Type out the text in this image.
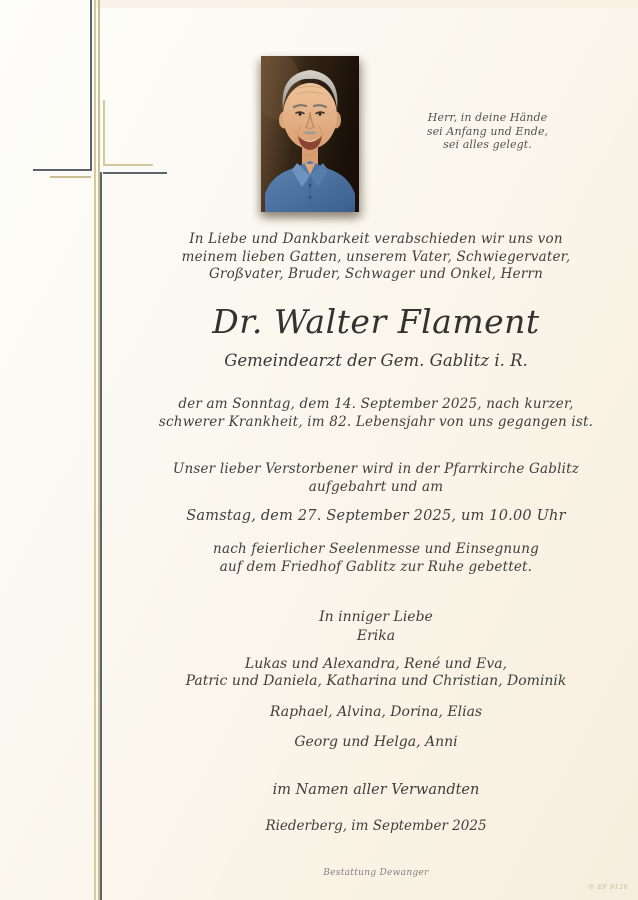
Herr, in deine Hände
sei Anfang und Ende,
sei alles gelegt.

In Liebe und Dankbarkeit verabschieden wir uns von
meinem lieben Gatten, unserem Vater, Schwiegervater,
Großvater, Bruder, Schwager und Onkel, Herrn

Dr. Walter Flament
Gemeindearzt der Gem. Gablitz i. R.

der am Sonntag, dem 14. September 2025, nach kurzer,
schwerer Krankheit, im 82. Lebensjahr von uns gegangen ist.

Unser lieber Verstorbener wird in der Pfarrkirche Gablitz
aufgebahrt und am

Samstag, dem 27. September 2025, um 10.00 Uhr

nach feierlicher Seelenmesse und Einsegnung
auf dem Friedhof Gablitz zur Ruhe gebettet.

In inniger Liebe

Erika

Lukas und Alexandra, René und Eva,
Patric und Daniela, Katharina und Christian, Dominik

Raphael, Alvina, Dorina, Elias

Georg und Helga, Anni

im Namen aller Verwandten

Riederberg, im September 2025

Bestattung Dewanger

© EF 9126
